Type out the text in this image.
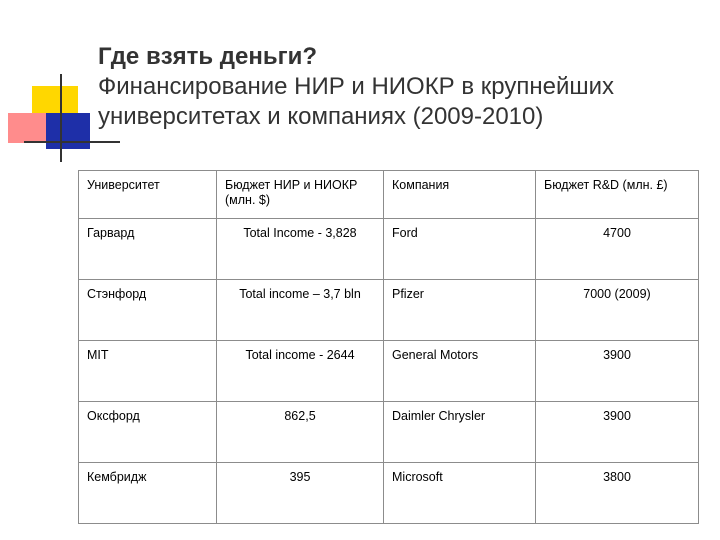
Где взять деньги?
Финансирование НИР и НИОКР в крупнейших
университетах и компаниях (2009-2010)
Университет	Бюджет НИР и НИОКР (млн. $)	Компания	Бюджет R&D (млн. £)
Гарвард	Total Income - 3,828	Ford	4700
Стэнфорд	Total income – 3,7 bln	Pfizer	7000 (2009)
MIT	Total income - 2644	General Motors	3900
Оксфорд	862,5	Daimler Chrysler	3900
Кембридж	395	Microsoft	3800
